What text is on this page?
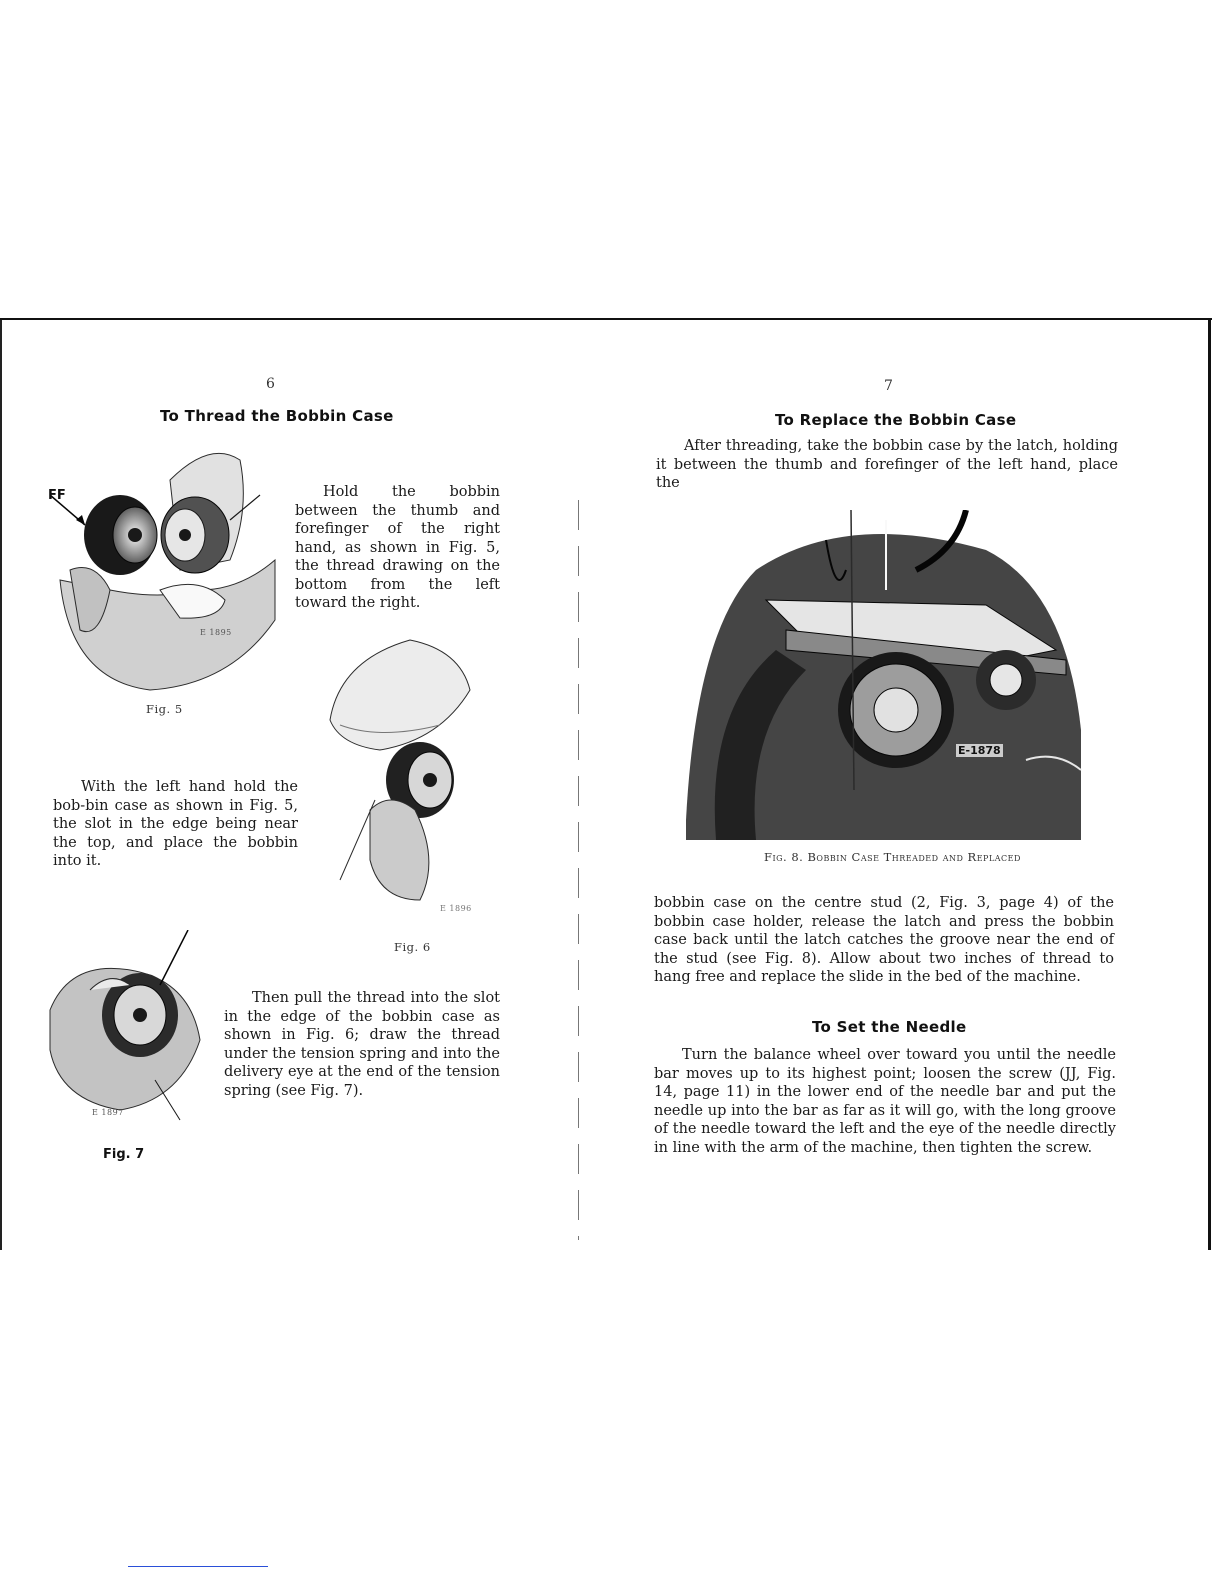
6
To Thread the Bobbin Case
FF
E 1895
Fig. 5
Hold the bobbin between the thumb and forefinger of the right hand, as shown in Fig. 5, the thread drawing on the bottom from the left toward the right.
E 1896
Fig. 6
With the left hand hold the bob-bin case as shown in Fig. 5, the slot in the edge being near the top, and place the bobbin into it.
E 1897
Fig. 7
Then pull the thread into the slot in the edge of the bobbin case as shown in Fig. 6; draw the thread under the tension spring and into the delivery eye at the end of the tension spring (see Fig. 7).
7
To Replace the Bobbin Case
After threading, take the bobbin case by the latch, holding it between the thumb and forefinger of the left hand, place the
E-1878
Fig. 8. Bobbin Case Threaded and Replaced
bobbin case on the centre stud (2, Fig. 3, page 4) of the bobbin case holder, release the latch and press the bobbin case back until the latch catches the groove near the end of the stud (see Fig. 8). Allow about two inches of thread to hang free and replace the slide in the bed of the machine.
To Set the Needle
Turn the balance wheel over toward you until the needle bar moves up to its highest point; loosen the screw (JJ, Fig. 14, page 11) in the lower end of the needle bar and put the needle up into the bar as far as it will go, with the long groove of the needle toward the left and the eye of the needle directly in line with the arm of the machine, then tighten the screw.
